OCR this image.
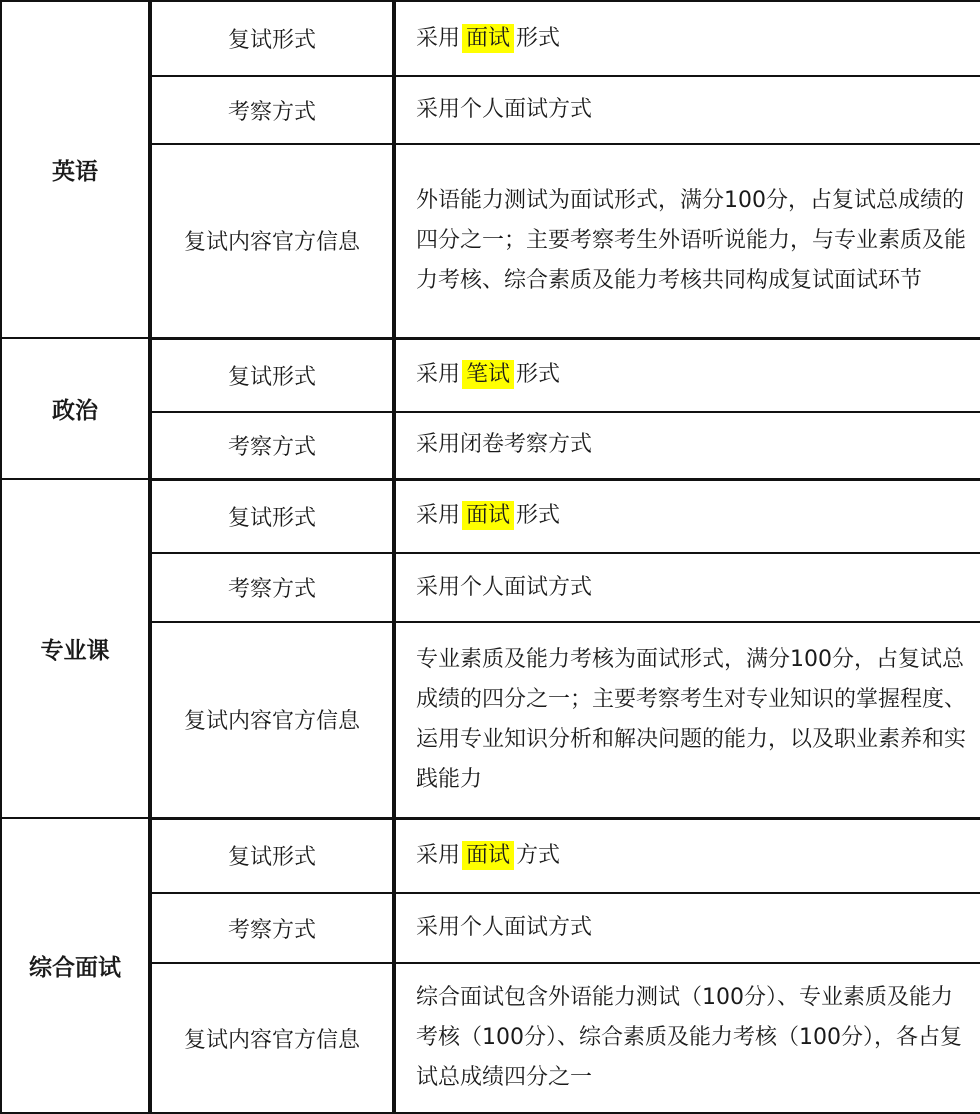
英语	复试形式	采用 面试 形式
	考察方式	采用个人面试方式
	复试内容官方信息	外语能力测试为面试形式，满分100分，占复试总成绩的四分之一；主要考察考生外语听说能力，与专业素质及能力考核、综合素质及能力考核共同构成复试面试环节
政治	复试形式	采用 笔试 形式
	考察方式	采用闭卷考察方式
专业课	复试形式	采用 面试 形式
	考察方式	采用个人面试方式
	复试内容官方信息	专业素质及能力考核为面试形式，满分100分，占复试总成绩的四分之一；主要考察考生对专业知识的掌握程度、运用专业知识分析和解决问题的能力，以及职业素养和实践能力
综合面试	复试形式	采用 面试 方式
	考察方式	采用个人面试方式
	复试内容官方信息	综合面试包含外语能力测试（100分）、专业素质及能力考核（100分）、综合素质及能力考核（100分），各占复试总成绩四分之一
